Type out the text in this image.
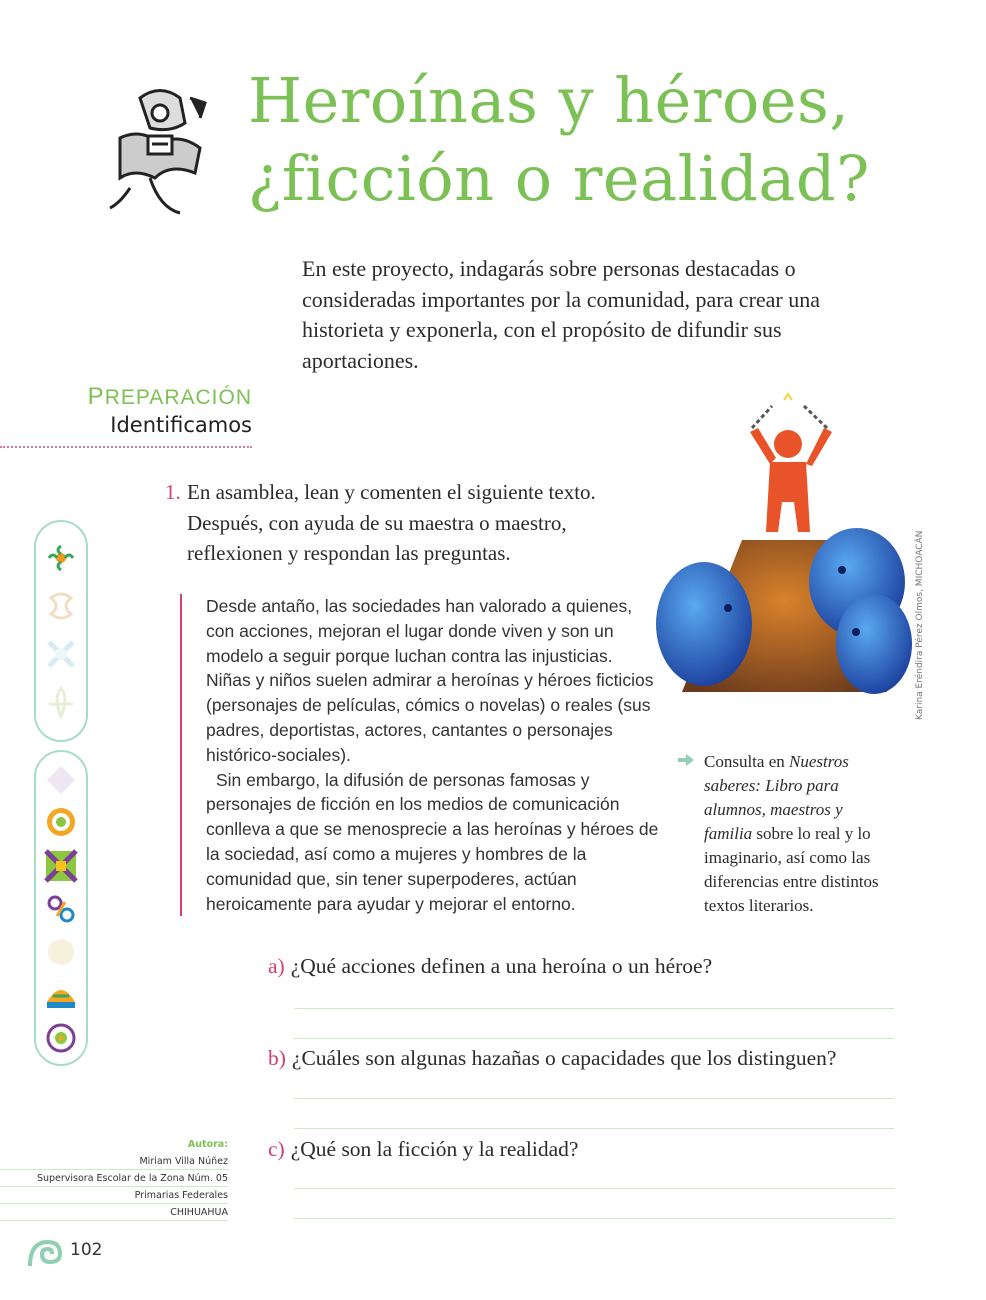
Heroínas y héroes,
¿ficción o realidad?

En este proyecto, indagarás sobre personas destacadas o consideradas importantes por la comunidad, para crear una historieta y exponerla, con el propósito de difundir sus aportaciones.

PREPARACIÓN
Identificamos
1. En asamblea, lean y comenten el siguiente texto. Después, con ayuda de su maestra o maestro, reflexionen y respondan las preguntas.

Desde antaño, las sociedades han valorado a quienes, con acciones, mejoran el lugar donde viven y son un modelo a seguir porque luchan contra las injusticias. Niñas y niños suelen admirar a heroínas y héroes ficticios (personajes de películas, cómics o novelas) o reales (sus padres, deportistas, actores, cantantes o personajes histórico-sociales).

Sin embargo, la difusión de personas famosas y personajes de ficción en los medios de comunicación conlleva a que se menosprecie a las heroínas y héroes de la sociedad, así como a mujeres y hombres de la comunidad que, sin tener superpoderes, actúan heroicamente para ayudar y mejorar el entorno.

Karina Eréndira Pérez Olmos, MICHOACÁN
Consulta en Nuestros saberes: Libro para alumnos, maestros y familia sobre lo real y lo imaginario, así como las diferencias entre distintos textos literarios.
a) ¿Qué acciones definen a una heroína o un héroe?
b) ¿Cuáles son algunas hazañas o capacidades que los distinguen?
c) ¿Qué son la ficción y la realidad?
Autora:
Miriam Villa Núñez
Supervisora Escolar de la Zona Núm. 05
Primarias Federales
CHIHUAHUA
102
